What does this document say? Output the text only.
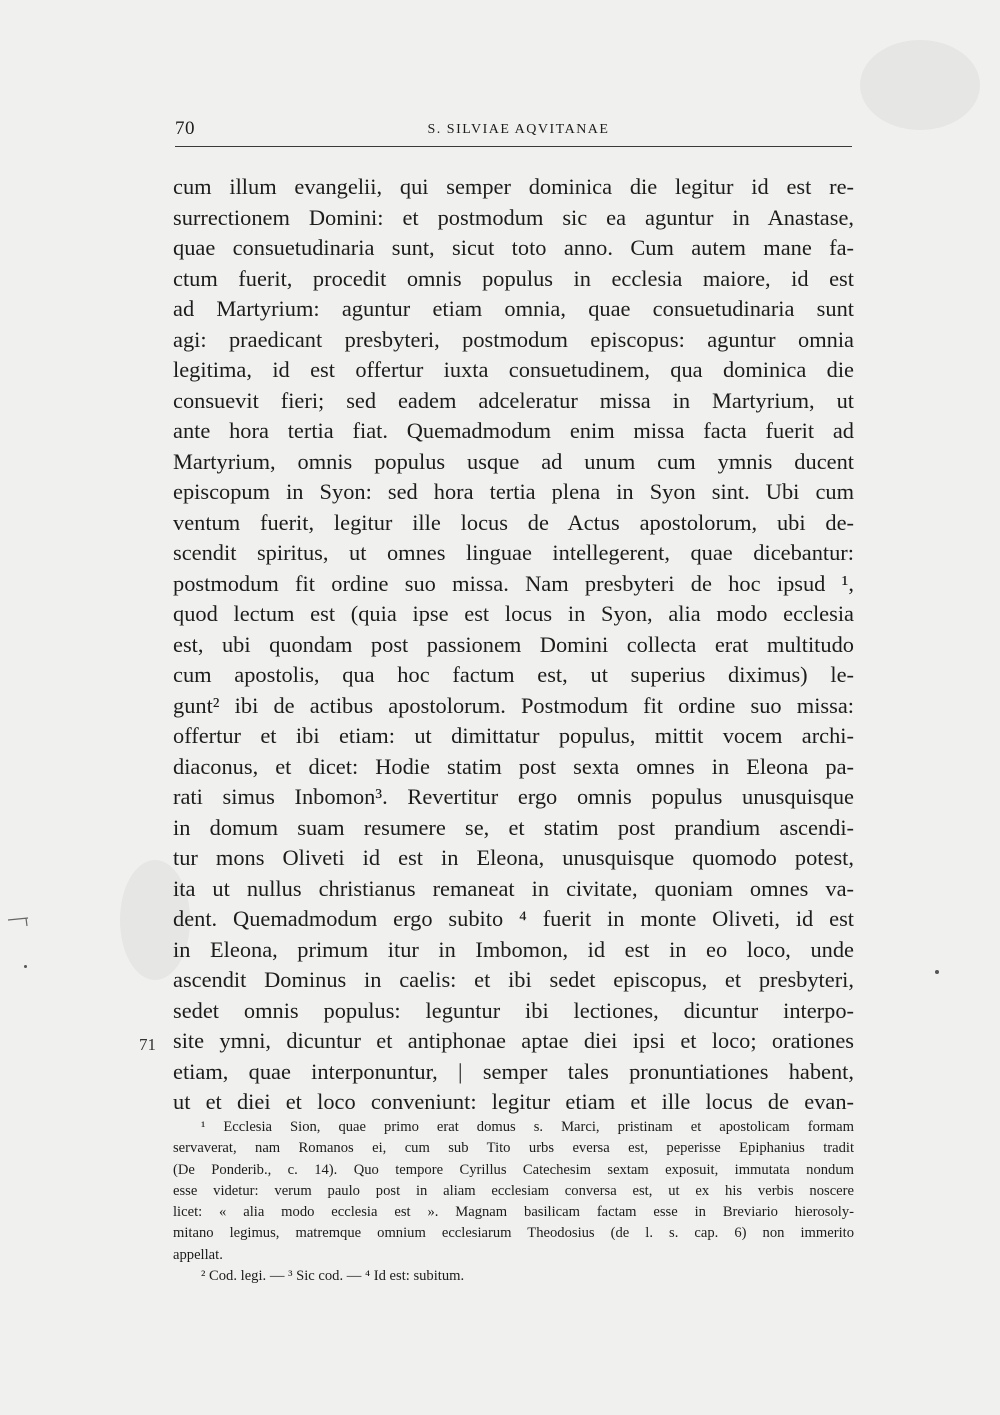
70	S. SILVIAE AQVITANAE
cum illum evangelii, qui semper dominica die legitur id est re-
surrectionem Domini: et postmodum sic ea aguntur in Anastase,
quae consuetudinaria sunt, sicut toto anno. Cum autem mane fa-
ctum fuerit, procedit omnis populus in ecclesia maiore, id est
ad Martyrium: aguntur etiam omnia, quae consuetudinaria sunt
agi: praedicant presbyteri, postmodum episcopus: aguntur omnia
legitima, id est offertur iuxta consuetudinem, qua dominica die
consuevit fieri; sed eadem adceleratur missa in Martyrium, ut
ante hora tertia fiat. Quemadmodum enim missa facta fuerit ad
Martyrium, omnis populus usque ad unum cum ymnis ducent
episcopum in Syon: sed hora tertia plena in Syon sint. Ubi cum
ventum fuerit, legitur ille locus de Actus apostolorum, ubi de-
scendit spiritus, ut omnes linguae intellegerent, quae dicebantur:
postmodum fit ordine suo missa. Nam presbyteri de hoc ipsud ¹,
quod lectum est (quia ipse est locus in Syon, alia modo ecclesia
est, ubi quondam post passionem Domini collecta erat multitudo
cum apostolis, qua hoc factum est, ut superius diximus) le-
gunt² ibi de actibus apostolorum. Postmodum fit ordine suo missa:
offertur et ibi etiam: ut dimittatur populus, mittit vocem archi-
diaconus, et dicet: Hodie statim post sexta omnes in Eleona pa-
rati simus Inbomon³. Revertitur ergo omnis populus unusquisque
in domum suam resumere se, et statim post prandium ascendi-
tur mons Oliveti id est in Eleona, unusquisque quomodo potest,
ita ut nullus christianus remaneat in civitate, quoniam omnes va-
dent. Quemadmodum ergo subito ⁴ fuerit in monte Oliveti, id est
in Eleona, primum itur in Imbomon, id est in eo loco, unde
ascendit Dominus in caelis: et ibi sedet episcopus, et presbyteri,
sedet omnis populus: leguntur ibi lectiones, dicuntur interpo-
site ymni, dicuntur et antiphonae aptae diei ipsi et loco; orationes
etiam, quae interponuntur, | semper tales pronuntiationes habent,
ut et diei et loco conveniunt: legitur etiam et ille locus de evan-
71
¹ Ecclesia Sion, quae primo erat domus s. Marci, pristinam et apostolicam formam
servaverat, nam Romanos ei, cum sub Tito urbs eversa est, peperisse Epiphanius tradit
(De Ponderib., c. 14). Quo tempore Cyrillus Catechesim sextam exposuit, immutata nondum
esse videtur: verum paulo post in aliam ecclesiam conversa est, ut ex his verbis noscere
licet: « alia modo ecclesia est ». Magnam basilicam factam esse in Breviario hierosoly-
mitano legimus, matremque omnium ecclesiarum Theodosius (de l. s. cap. 6) non immerito
appellat.
² Cod. legi. — ³ Sic cod. — ⁴ Id est: subitum.
